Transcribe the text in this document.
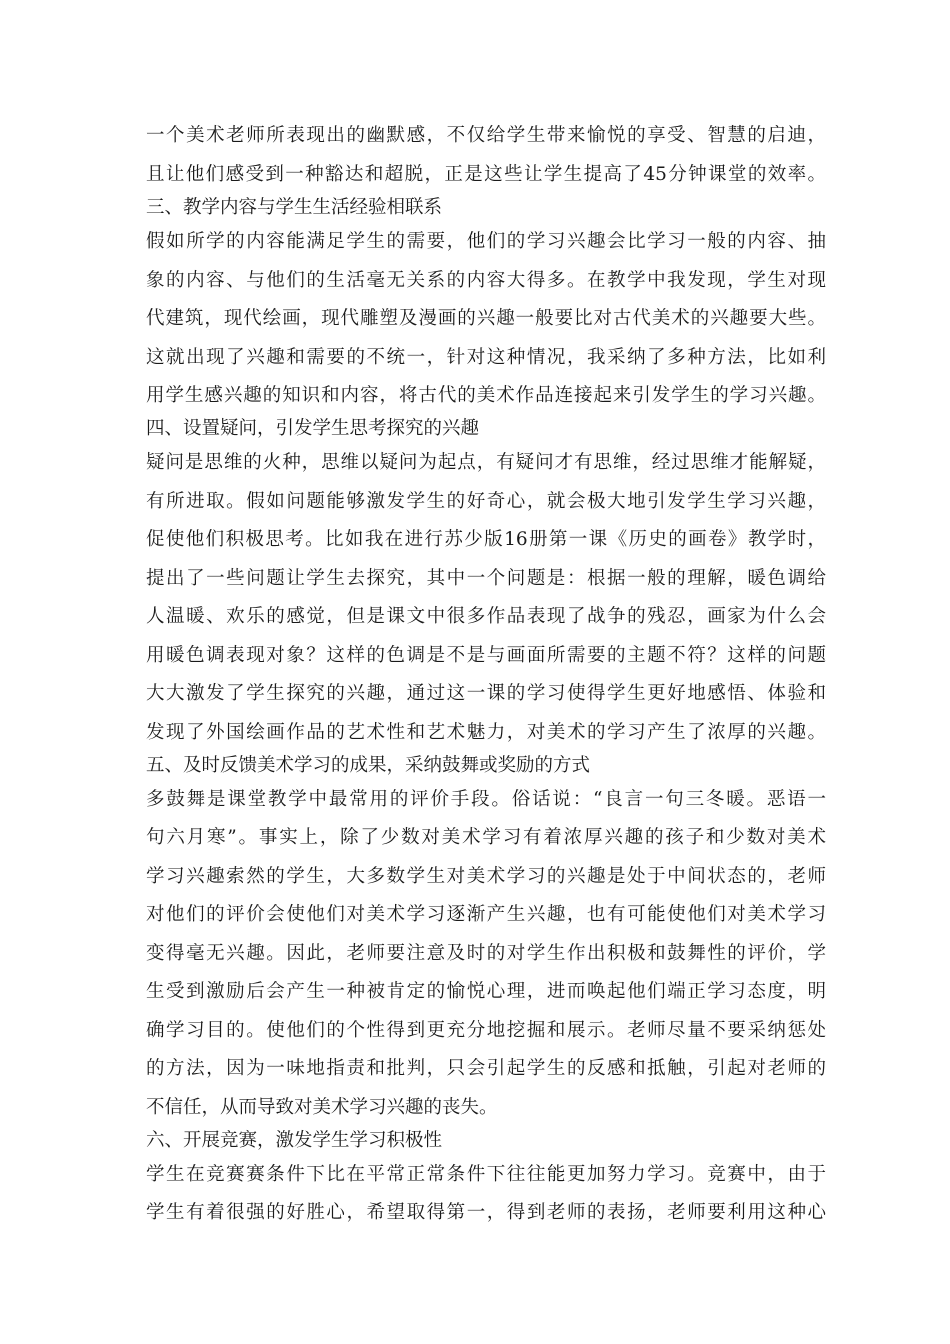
一个美术老师所表现出的幽默感，不仅给学生带来愉悦的享受、智慧的启迪，
且让他们感受到一种豁达和超脱，正是这些让学生提高了45分钟课堂的效率。
三、教学内容与学生生活经验相联系
假如所学的内容能满足学生的需要，他们的学习兴趣会比学习一般的内容、抽
象的内容、与他们的生活毫无关系的内容大得多。在教学中我发现，学生对现
代建筑，现代绘画，现代雕塑及漫画的兴趣一般要比对古代美术的兴趣要大些。
这就出现了兴趣和需要的不统一，针对这种情况，我采纳了多种方法，比如利
用学生感兴趣的知识和内容，将古代的美术作品连接起来引发学生的学习兴趣。
四、设置疑问，引发学生思考探究的兴趣
疑问是思维的火种，思维以疑问为起点，有疑问才有思维，经过思维才能解疑，
有所进取。假如问题能够激发学生的好奇心，就会极大地引发学生学习兴趣，
促使他们积极思考。比如我在进行苏少版16册第一课《历史的画卷》教学时，
提出了一些问题让学生去探究，其中一个问题是：根据一般的理解，暖色调给
人温暖、欢乐的感觉，但是课文中很多作品表现了战争的残忍，画家为什么会
用暖色调表现对象？这样的色调是不是与画面所需要的主题不符？这样的问题
大大激发了学生探究的兴趣，通过这一课的学习使得学生更好地感悟、体验和
发现了外国绘画作品的艺术性和艺术魅力，对美术的学习产生了浓厚的兴趣。
五、及时反馈美术学习的成果，采纳鼓舞或奖励的方式
多鼓舞是课堂教学中最常用的评价手段。俗话说：“良言一句三冬暖。恶语一
句六月寒”。事实上，除了少数对美术学习有着浓厚兴趣的孩子和少数对美术
学习兴趣索然的学生，大多数学生对美术学习的兴趣是处于中间状态的，老师
对他们的评价会使他们对美术学习逐渐产生兴趣，也有可能使他们对美术学习
变得毫无兴趣。因此，老师要注意及时的对学生作出积极和鼓舞性的评价，学
生受到激励后会产生一种被肯定的愉悦心理，进而唤起他们端正学习态度，明
确学习目的。使他们的个性得到更充分地挖掘和展示。老师尽量不要采纳惩处
的方法，因为一味地指责和批判，只会引起学生的反感和抵触，引起对老师的
不信任，从而导致对美术学习兴趣的丧失。
六、开展竞赛，激发学生学习积极性
学生在竞赛赛条件下比在平常正常条件下往往能更加努力学习。竞赛中，由于
学生有着很强的好胜心，希望取得第一，得到老师的表扬，老师要利用这种心
